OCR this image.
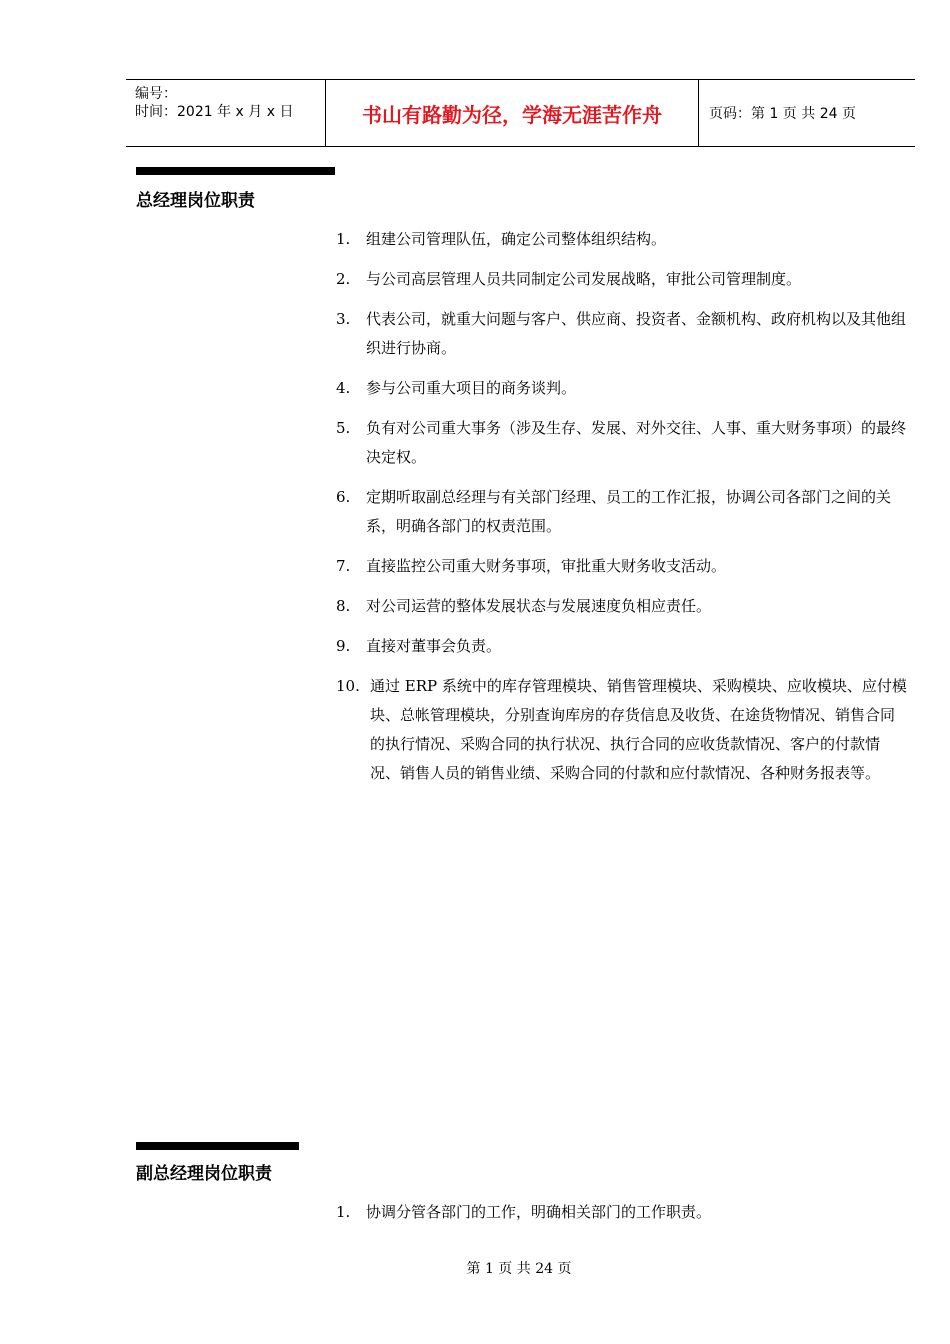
编号：
时间：2021 年 x 月 x 日	书山有路勤为径，学海无涯苦作舟	页码：第 1 页 共 24 页
总经理岗位职责
1.	组建公司管理队伍，确定公司整体组织结构。
2.	与公司高层管理人员共同制定公司发展战略，审批公司管理制度。
3.	代表公司，就重大问题与客户、供应商、投资者、金额机构、政府机构以及其他组织进行协商。
4.	参与公司重大项目的商务谈判。
5.	负有对公司重大事务（涉及生存、发展、对外交往、人事、重大财务事项）的最终决定权。
6.	定期听取副总经理与有关部门经理、员工的工作汇报，协调公司各部门之间的关系，明确各部门的权责范围。
7.	直接监控公司重大财务事项，审批重大财务收支活动。
8.	对公司运营的整体发展状态与发展速度负相应责任。
9.	直接对董事会负责。
10. 通过 ERP 系统中的库存管理模块、销售管理模块、采购模块、应收模块、应付模块、总帐管理模块，分别查询库房的存货信息及收货、在途货物情况、销售合同的执行情况、采购合同的执行状况、执行合同的应收货款情况、客户的付款情况、销售人员的销售业绩、采购合同的付款和应付款情况、各种财务报表等。
副总经理岗位职责
1.	协调分管各部门的工作，明确相关部门的工作职责。
第 1 页 共 24 页
